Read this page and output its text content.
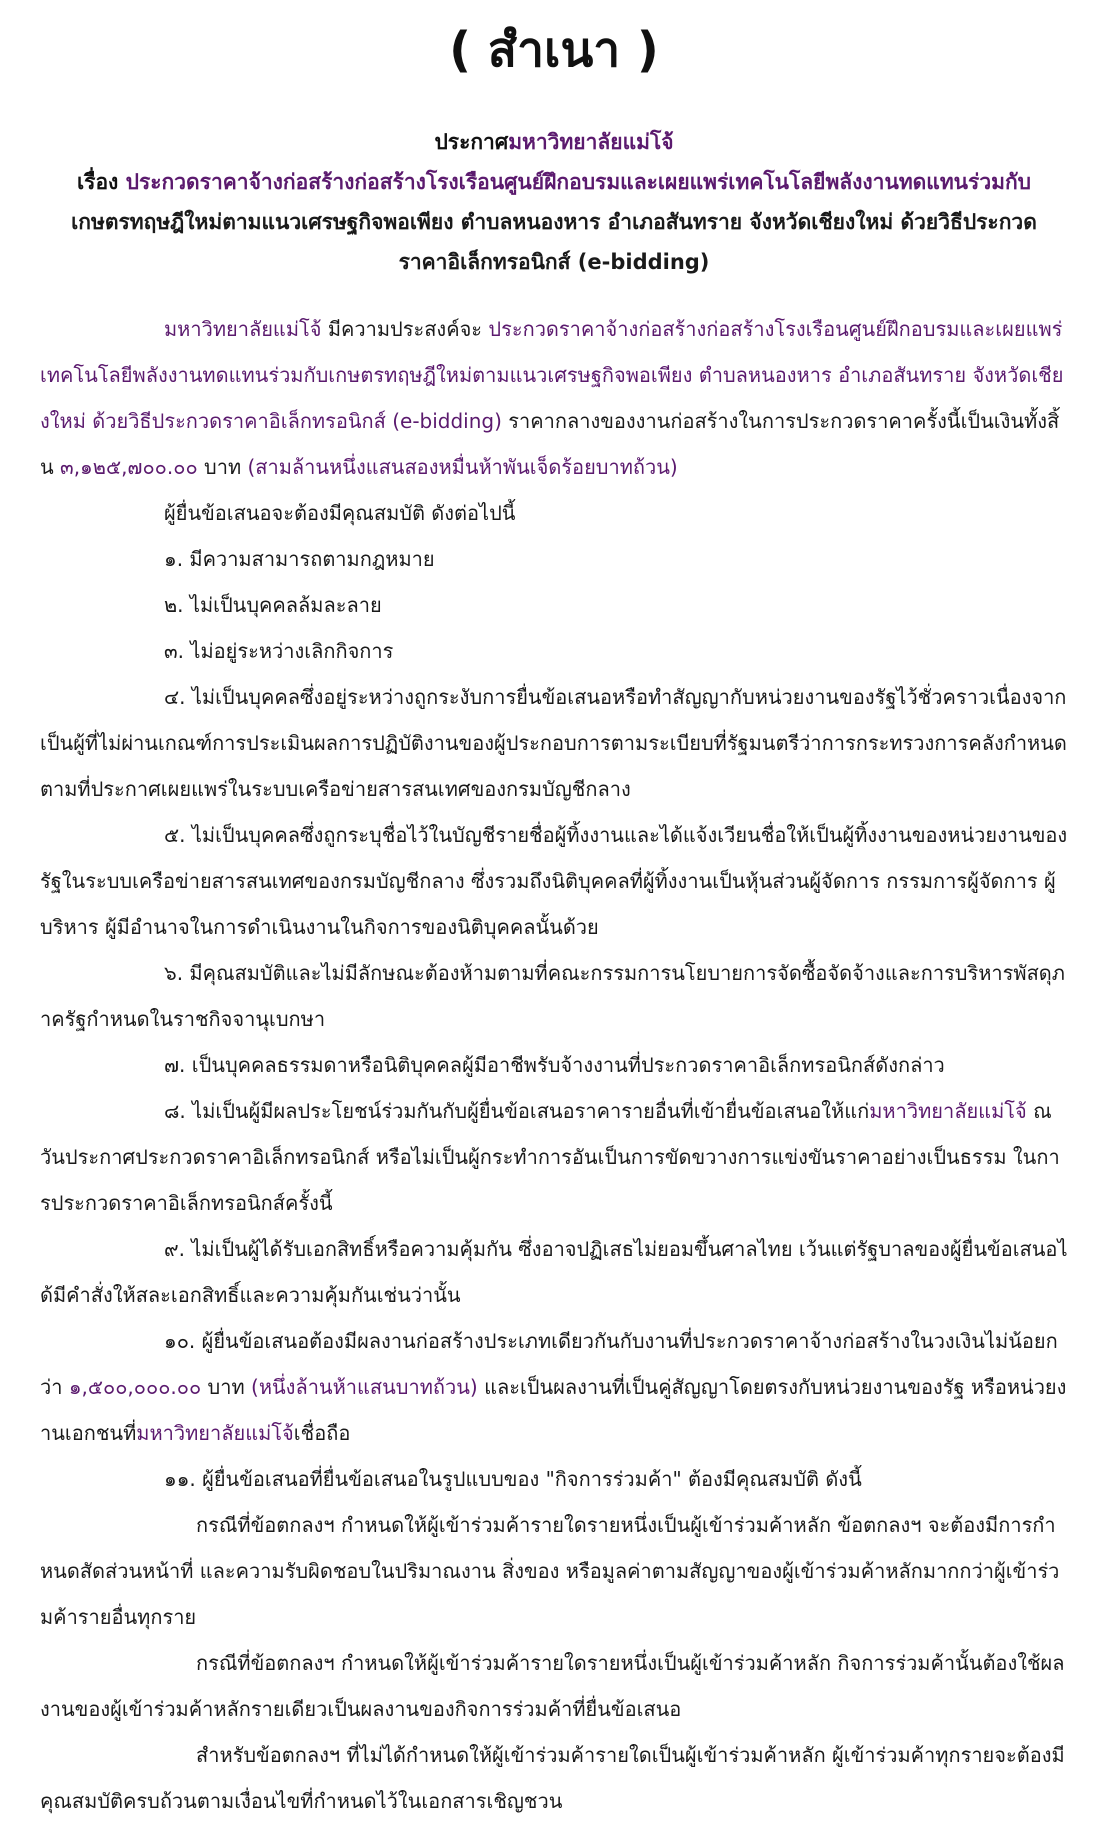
( สำเนา )

ประกาศมหาวิทยาลัยแม่โจ้

เรื่อง ประกวดราคาจ้างก่อสร้างก่อสร้างโรงเรือนศูนย์ฝึกอบรมและเผยแพร่เทคโนโลยีพลังงานทดแทนร่วมกับ

เกษตรทฤษฎีใหม่ตามแนวเศรษฐกิจพอเพียง ตำบลหนองหาร อำเภอสันทราย จังหวัดเชียงใหม่ ด้วยวิธีประกวด

ราคาอิเล็กทรอนิกส์ (e-bidding)

มหาวิทยาลัยแม่โจ้ มีความประสงค์จะ ประกวดราคาจ้างก่อสร้างก่อสร้างโรงเรือนศูนย์ฝึกอบรมและเผยแพร่เทคโนโลยีพลังงานทดแทนร่วมกับเกษตรทฤษฎีใหม่ตามแนวเศรษฐกิจพอเพียง ตำบลหนองหาร อำเภอสันทราย จังหวัดเชียงใหม่ ด้วยวิธีประกวดราคาอิเล็กทรอนิกส์ (e-bidding) ราคากลางของงานก่อสร้างในการประกวดราคาครั้งนี้เป็นเงินทั้งสิ้น ๓,๑๒๕,๗๐๐.๐๐ บาท (สามล้านหนึ่งแสนสองหมื่นห้าพันเจ็ดร้อยบาทถ้วน)

ผู้ยื่นข้อเสนอจะต้องมีคุณสมบัติ ดังต่อไปนี้

๑. มีความสามารถตามกฎหมาย

๒. ไม่เป็นบุคคลล้มละลาย

๓. ไม่อยู่ระหว่างเลิกกิจการ

๔. ไม่เป็นบุคคลซึ่งอยู่ระหว่างถูกระงับการยื่นข้อเสนอหรือทำสัญญากับหน่วยงานของรัฐไว้ชั่วคราวเนื่องจากเป็นผู้ที่ไม่ผ่านเกณฑ์การประเมินผลการปฏิบัติงานของผู้ประกอบการตามระเบียบที่รัฐมนตรีว่าการกระทรวงการคลังกำหนดตามที่ประกาศเผยแพร่ในระบบเครือข่ายสารสนเทศของกรมบัญชีกลาง

๕. ไม่เป็นบุคคลซึ่งถูกระบุชื่อไว้ในบัญชีรายชื่อผู้ทิ้งงานและได้แจ้งเวียนชื่อให้เป็นผู้ทิ้งงานของหน่วยงานของรัฐในระบบเครือข่ายสารสนเทศของกรมบัญชีกลาง ซึ่งรวมถึงนิติบุคคลที่ผู้ทิ้งงานเป็นหุ้นส่วนผู้จัดการ กรรมการผู้จัดการ ผู้บริหาร ผู้มีอำนาจในการดำเนินงานในกิจการของนิติบุคคลนั้นด้วย

๖. มีคุณสมบัติและไม่มีลักษณะต้องห้ามตามที่คณะกรรมการนโยบายการจัดซื้อจัดจ้างและการบริหารพัสดุภาครัฐกำหนดในราชกิจจานุเบกษา

๗. เป็นบุคคลธรรมดาหรือนิติบุคคลผู้มีอาชีพรับจ้างงานที่ประกวดราคาอิเล็กทรอนิกส์ดังกล่าว

๘. ไม่เป็นผู้มีผลประโยชน์ร่วมกันกับผู้ยื่นข้อเสนอราคารายอื่นที่เข้ายื่นข้อเสนอให้แก่มหาวิทยาลัยแม่โจ้ ณ วันประกาศประกวดราคาอิเล็กทรอนิกส์ หรือไม่เป็นผู้กระทำการอันเป็นการขัดขวางการแข่งขันราคาอย่างเป็นธรรม ในการประกวดราคาอิเล็กทรอนิกส์ครั้งนี้

๙. ไม่เป็นผู้ได้รับเอกสิทธิ์หรือความคุ้มกัน ซึ่งอาจปฏิเสธไม่ยอมขึ้นศาลไทย เว้นแต่รัฐบาลของผู้ยื่นข้อเสนอได้มีคำสั่งให้สละเอกสิทธิ์และความคุ้มกันเช่นว่านั้น

๑๐. ผู้ยื่นข้อเสนอต้องมีผลงานก่อสร้างประเภทเดียวกันกับงานที่ประกวดราคาจ้างก่อสร้างในวงเงินไม่น้อยกว่า ๑,๕๐๐,๐๐๐.๐๐ บาท (หนึ่งล้านห้าแสนบาทถ้วน) และเป็นผลงานที่เป็นคู่สัญญาโดยตรงกับหน่วยงานของรัฐ หรือหน่วยงานเอกชนที่มหาวิทยาลัยแม่โจ้เชื่อถือ

๑๑. ผู้ยื่นข้อเสนอที่ยื่นข้อเสนอในรูปแบบของ "กิจการร่วมค้า" ต้องมีคุณสมบัติ ดังนี้

กรณีที่ข้อตกลงฯ กำหนดให้ผู้เข้าร่วมค้ารายใดรายหนึ่งเป็นผู้เข้าร่วมค้าหลัก ข้อตกลงฯ จะต้องมีการกำหนดสัดส่วนหน้าที่ และความรับผิดชอบในปริมาณงาน สิ่งของ หรือมูลค่าตามสัญญาของผู้เข้าร่วมค้าหลักมากกว่าผู้เข้าร่วมค้ารายอื่นทุกราย

กรณีที่ข้อตกลงฯ กำหนดให้ผู้เข้าร่วมค้ารายใดรายหนึ่งเป็นผู้เข้าร่วมค้าหลัก กิจการร่วมค้านั้นต้องใช้ผลงานของผู้เข้าร่วมค้าหลักรายเดียวเป็นผลงานของกิจการร่วมค้าที่ยื่นข้อเสนอ

สำหรับข้อตกลงฯ ที่ไม่ได้กำหนดให้ผู้เข้าร่วมค้ารายใดเป็นผู้เข้าร่วมค้าหลัก ผู้เข้าร่วมค้าทุกรายจะต้องมีคุณสมบัติครบถ้วนตามเงื่อนไขที่กำหนดไว้ในเอกสารเชิญชวน
